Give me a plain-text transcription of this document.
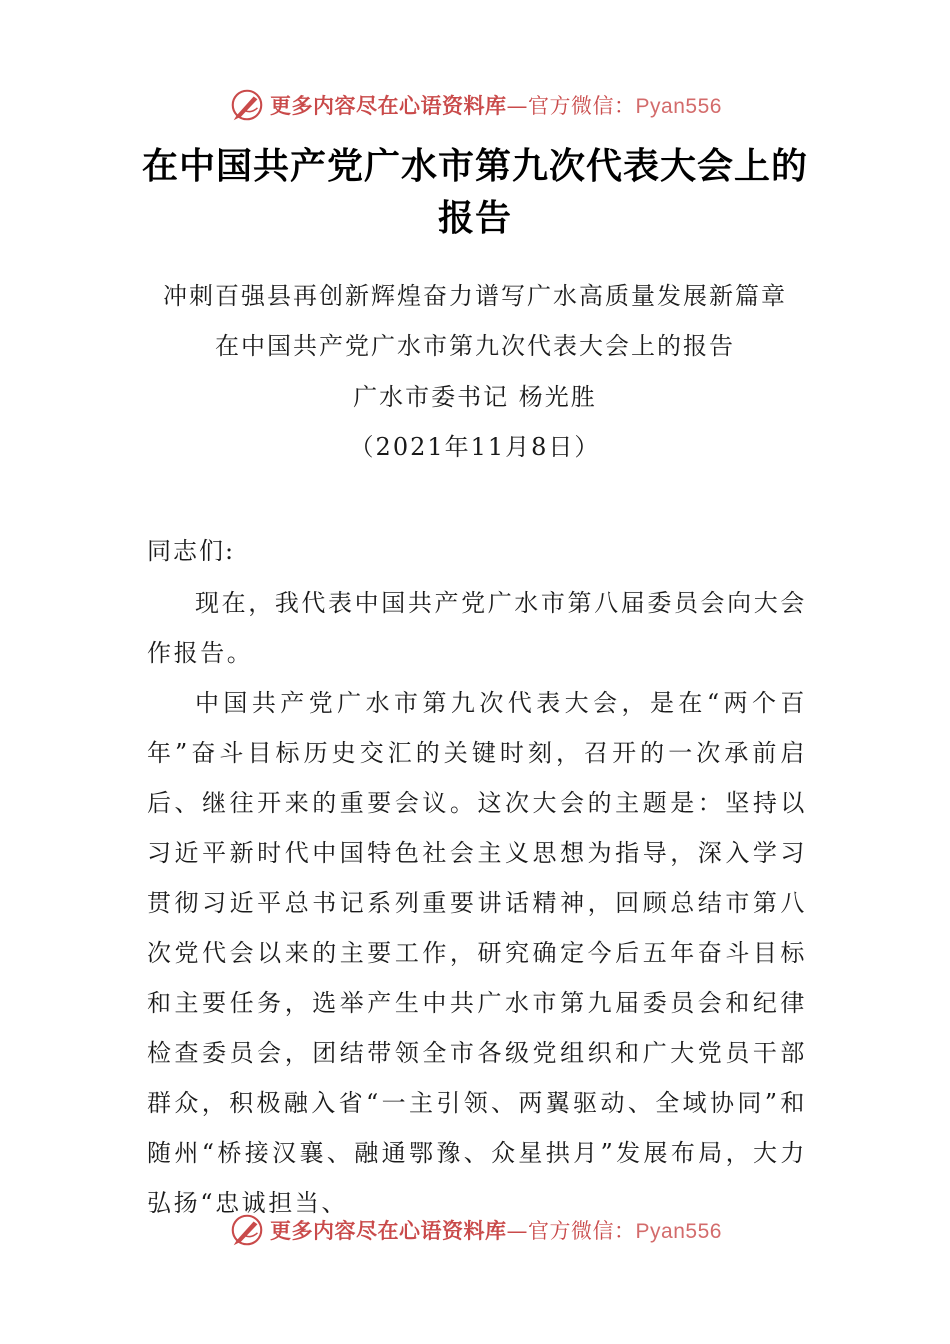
更多内容尽在心语资料库—官方微信：Pyan556
在中国共产党广水市第九次代表大会上的
报告
冲刺百强县再创新辉煌奋力谱写广水高质量发展新篇章
在中国共产党广水市第九次代表大会上的报告
广水市委书记 杨光胜
（2021年11月8日）
同志们:

现在，我代表中国共产党广水市第八届委员会向大会作报告。

中国共产党广水市第九次代表大会，是在“两个百年”奋斗目标历史交汇的关键时刻，召开的一次承前启后、继往开来的重要会议。这次大会的主题是：坚持以习近平新时代中国特色社会主义思想为指导，深入学习贯彻习近平总书记系列重要讲话精神，回顾总结市第八次党代会以来的主要工作，研究确定今后五年奋斗目标和主要任务，选举产生中共广水市第九届委员会和纪律检查委员会，团结带领全市各级党组织和广大党员干部群众，积极融入省“一主引领、两翼驱动、全域协同”和随州“桥接汉襄、融通鄂豫、众星拱月”发展布局，大力弘扬“忠诚担当、

更多内容尽在心语资料库—官方微信：Pyan556
